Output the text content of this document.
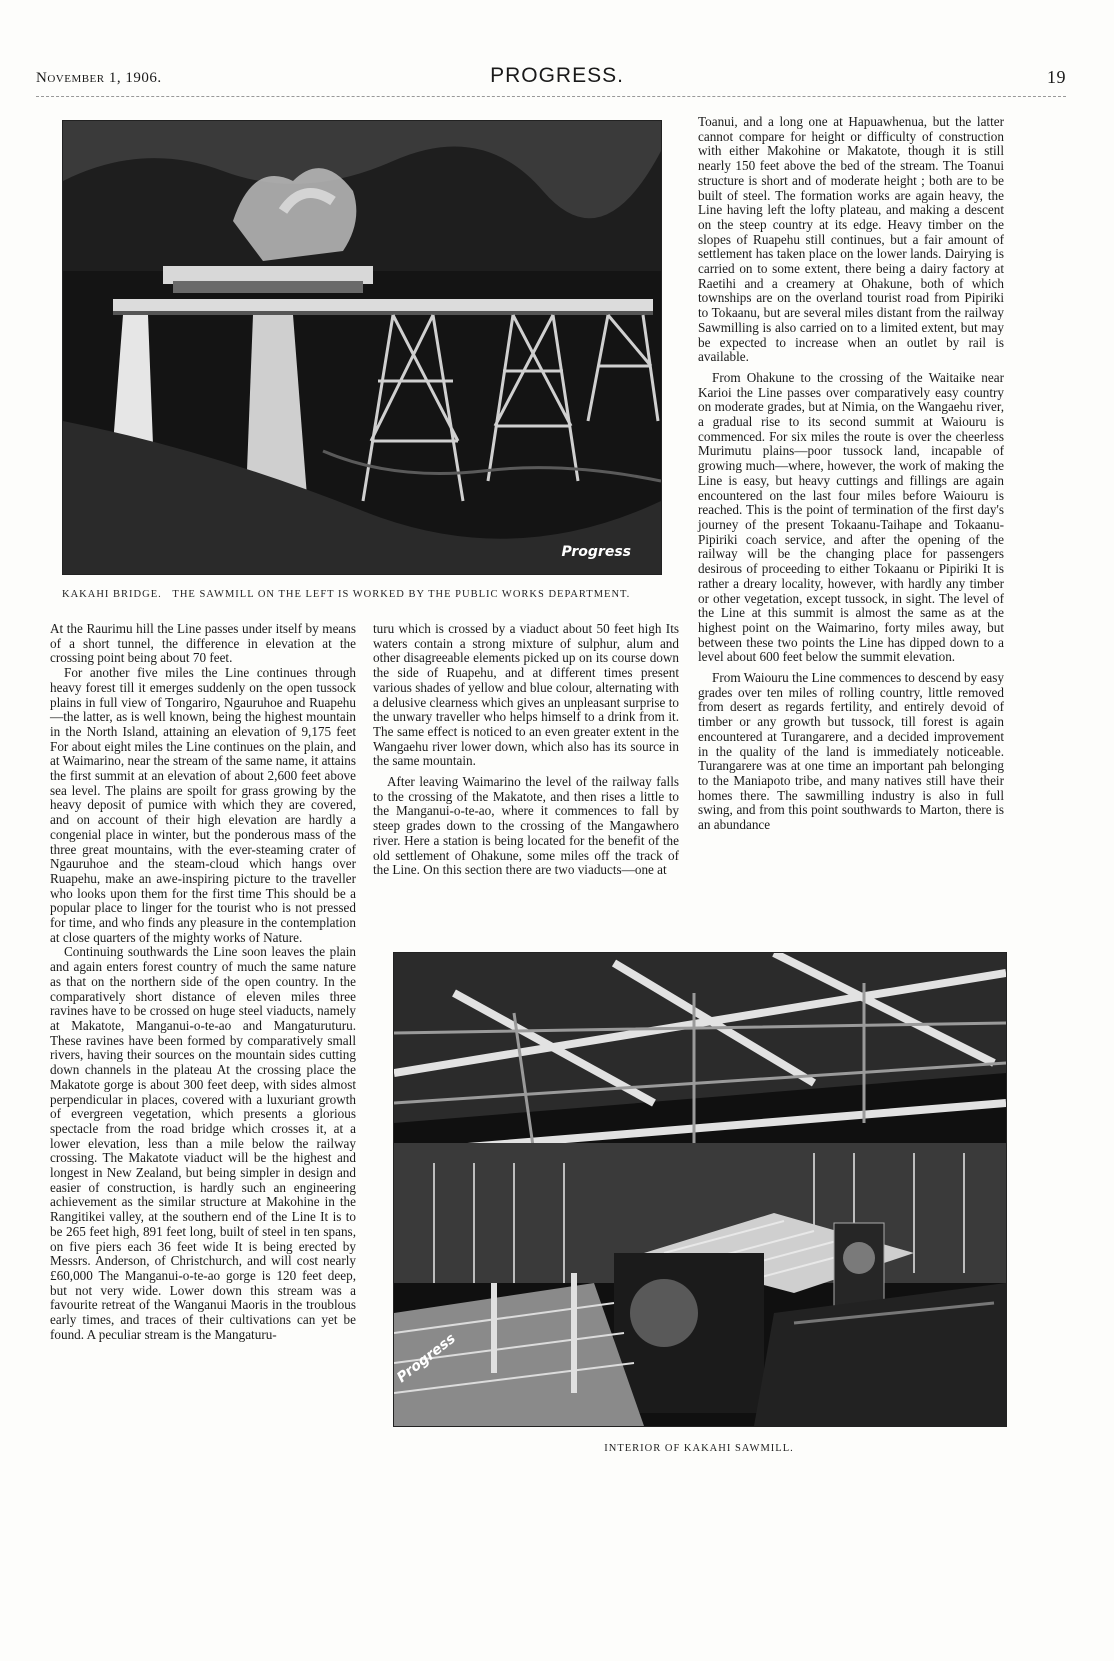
November 1, 1906.	PROGRESS.	19
Progress
KAKAHI BRIDGE.   THE SAWMILL ON THE LEFT IS WORKED BY THE PUBLIC WORKS DEPARTMENT.

Toanui, and a long one at Hapuawhenua, but the latter cannot compare for height or difficulty of construction with either Makohine or Makatote, though it is still nearly 150 feet above the bed of the stream. The Toanui structure is short and of moderate height ; both are to be built of steel. The formation works are again heavy, the Line having left the lofty plateau, and making a descent on the steep country at its edge. Heavy timber on the slopes of Ruapehu still continues, but a fair amount of settlement has taken place on the lower lands. Dairying is carried on to some extent, there being a dairy factory at Raetihi and a creamery at Ohakune, both of which townships are on the overland tourist road from Pipiriki to Tokaanu, but are several miles distant from the railway Sawmilling is also carried on to a limited extent, but may be expected to increase when an outlet by rail is available.

From Ohakune to the crossing of the Waitaike near Karioi the Line passes over comparatively easy country on moderate grades, but at Nimia, on the Wangaehu river, a gradual rise to its second summit at Waiouru is commenced. For six miles the route is over the cheerless Murimutu plains—poor tussock land, incapable of growing much—where, however, the work of making the Line is easy, but heavy cuttings and fillings are again encountered on the last four miles before Waiouru is reached. This is the point of termination of the first day's journey of the present Tokaanu-Taihape and Tokaanu-Pipiriki coach service, and after the opening of the railway will be the changing place for passengers desirous of proceeding to either Tokaanu or Pipiriki It is rather a dreary locality, however, with hardly any timber or other vegetation, except tussock, in sight. The level of the Line at this summit is almost the same as at the highest point on the Waimarino, forty miles away, but between these two points the Line has dipped down to a level about 600 feet below the summit elevation.

From Waiouru the Line commences to descend by easy grades over ten miles of rolling country, little removed from desert as regards fertility, and entirely devoid of timber or any growth but tussock, till forest is again encountered at Turangarere, and a decided improvement in the quality of the land is immediately noticeable. Turangarere was at one time an important pah belonging to the Maniapoto tribe, and many natives still have their homes there. The sawmilling industry is also in full swing, and from this point southwards to Marton, there is an abundance

At the Raurimu hill the Line passes under itself by means of a short tunnel, the difference in elevation at the crossing point being about 70 feet.

For another five miles the Line continues through heavy forest till it emerges suddenly on the open tussock plains in full view of Tongariro, Ngauruhoe and Ruapehu—the latter, as is well known, being the highest mountain in the North Island, attaining an elevation of 9,175 feet For about eight miles the Line continues on the plain, and at Waimarino, near the stream of the same name, it attains the first summit at an elevation of about 2,600 feet above sea level. The plains are spoilt for grass growing by the heavy deposit of pumice with which they are covered, and on account of their high elevation are hardly a congenial place in winter, but the ponderous mass of the three great mountains, with the ever-steaming crater of Ngauruhoe and the steam-cloud which hangs over Ruapehu, make an awe-inspiring picture to the traveller who looks upon them for the first time This should be a popular place to linger for the tourist who is not pressed for time, and who finds any pleasure in the contemplation at close quarters of the mighty works of Nature.

Continuing southwards the Line soon leaves the plain and again enters forest country of much the same nature as that on the northern side of the open country. In the comparatively short distance of eleven miles three ravines have to be crossed on huge steel viaducts, namely at Makatote, Manganui-o-te-ao and Mangaturuturu. These ravines have been formed by comparatively small rivers, having their sources on the mountain sides cutting down channels in the plateau At the crossing place the Makatote gorge is about 300 feet deep, with sides almost perpendicular in places, covered with a luxuriant growth of evergreen vegetation, which presents a glorious spectacle from the road bridge which crosses it, at a lower elevation, less than a mile below the railway crossing. The Makatote viaduct will be the highest and longest in New Zealand, but being simpler in design and easier of construction, is hardly such an engineering achievement as the similar structure at Makohine in the Rangitikei valley, at the southern end of the Line It is to be 265 feet high, 891 feet long, built of steel in ten spans, on five piers each 36 feet wide It is being erected by Messrs. Anderson, of Christchurch, and will cost nearly £60,000 The Manganui-o-te-ao gorge is 120 feet deep, but not very wide. Lower down this stream was a favourite retreat of the Wanganui Maoris in the troublous early times, and traces of their cultivations can yet be found. A peculiar stream is the Mangaturu-

turu which is crossed by a viaduct about 50 feet high Its waters contain a strong mixture of sulphur, alum and other disagreeable elements picked up on its course down the side of Ruapehu, and at different times present various shades of yellow and blue colour, alternating with a delusive clearness which gives an unpleasant surprise to the unwary traveller who helps himself to a drink from it. The same effect is noticed to an even greater extent in the Wangaehu river lower down, which also has its source in the same mountain.

After leaving Waimarino the level of the railway falls to the crossing of the Makatote, and then rises a little to the Manganui-o-te-ao, where it commences to fall by steep grades down to the crossing of the Mangawhero river. Here a station is being located for the benefit of the old settlement of Ohakune, some miles off the track of the Line. On this section there are two viaducts—one at

Progress
INTERIOR OF KAKAHI SAWMILL.
